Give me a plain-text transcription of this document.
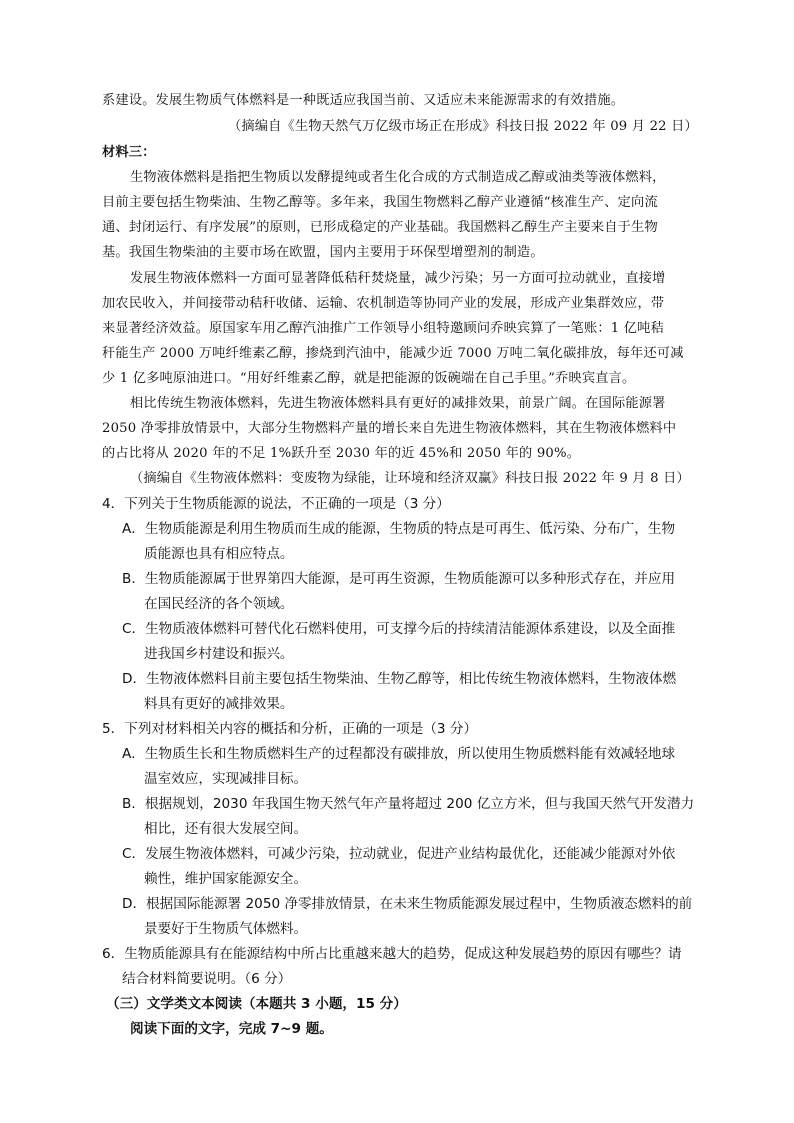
系建设。发展生物质气体燃料是一种既适应我国当前、又适应未来能源需求的有效措施。
（摘编自《生物天然气万亿级市场正在形成》科技日报 2022 年 09 月 22 日）
材料三：
生物液体燃料是指把生物质以发酵提纯或者生化合成的方式制造成乙醇或油类等液体燃料，
目前主要包括生物柴油、生物乙醇等。多年来，我国生物燃料乙醇产业遵循“核准生产、定向流
通、封闭运行、有序发展”的原则，已形成稳定的产业基础。我国燃料乙醇生产主要来自于生物
基。我国生物柴油的主要市场在欧盟，国内主要用于环保型增塑剂的制造。
发展生物液体燃料一方面可显著降低秸秆焚烧量，减少污染；另一方面可拉动就业，直接增
加农民收入，并间接带动秸秆收储、运输、农机制造等协同产业的发展，形成产业集群效应，带
来显著经济效益。原国家车用乙醇汽油推广工作领导小组特邀顾问乔映宾算了一笔账：1 亿吨秸
秆能生产 2000 万吨纤维素乙醇，掺烧到汽油中，能减少近 7000 万吨二氧化碳排放，每年还可减
少 1 亿多吨原油进口。“用好纤维素乙醇，就是把能源的饭碗端在自己手里。”乔映宾直言。
相比传统生物液体燃料，先进生物液体燃料具有更好的减排效果，前景广阔。在国际能源署
2050 净零排放情景中，大部分生物燃料产量的增长来自先进生物液体燃料，其在生物液体燃料中
的占比将从 2020 年的不足 1%跃升至 2030 年的近 45%和 2050 年的 90%。
（摘编自《生物液体燃料：变废物为绿能，让环境和经济双赢》科技日报 2022 年 9 月 8 日）
4．下列关于生物质能源的说法，不正确的一项是（3 分）
A．生物质能源是利用生物质而生成的能源，生物质的特点是可再生、低污染、分布广，生物
质能源也具有相应特点。
B．生物质能源属于世界第四大能源，是可再生资源，生物质能源可以多种形式存在，并应用
在国民经济的各个领域。
C．生物质液体燃料可替代化石燃料使用，可支撑今后的持续清洁能源体系建设，以及全面推
进我国乡村建设和振兴。
D．生物液体燃料目前主要包括生物柴油、生物乙醇等，相比传统生物液体燃料，生物液体燃
料具有更好的减排效果。
5．下列对材料相关内容的概括和分析，正确的一项是（3 分）
A．生物质生长和生物质燃料生产的过程都没有碳排放，所以使用生物质燃料能有效减轻地球
温室效应，实现减排目标。
B．根据规划，2030 年我国生物天然气年产量将超过 200 亿立方米，但与我国天然气开发潜力
相比，还有很大发展空间。
C．发展生物液体燃料，可减少污染，拉动就业，促进产业结构最优化，还能减少能源对外依
赖性，维护国家能源安全。
D．根据国际能源署 2050 净零排放情景，在未来生物质能源发展过程中，生物质液态燃料的前
景要好于生物质气体燃料。
6．生物质能源具有在能源结构中所占比重越来越大的趋势，促成这种发展趋势的原因有哪些？请
结合材料简要说明。（6 分）
（三）文学类文本阅读（本题共 3 小题，15 分）
阅读下面的文字，完成 7~9 题。
